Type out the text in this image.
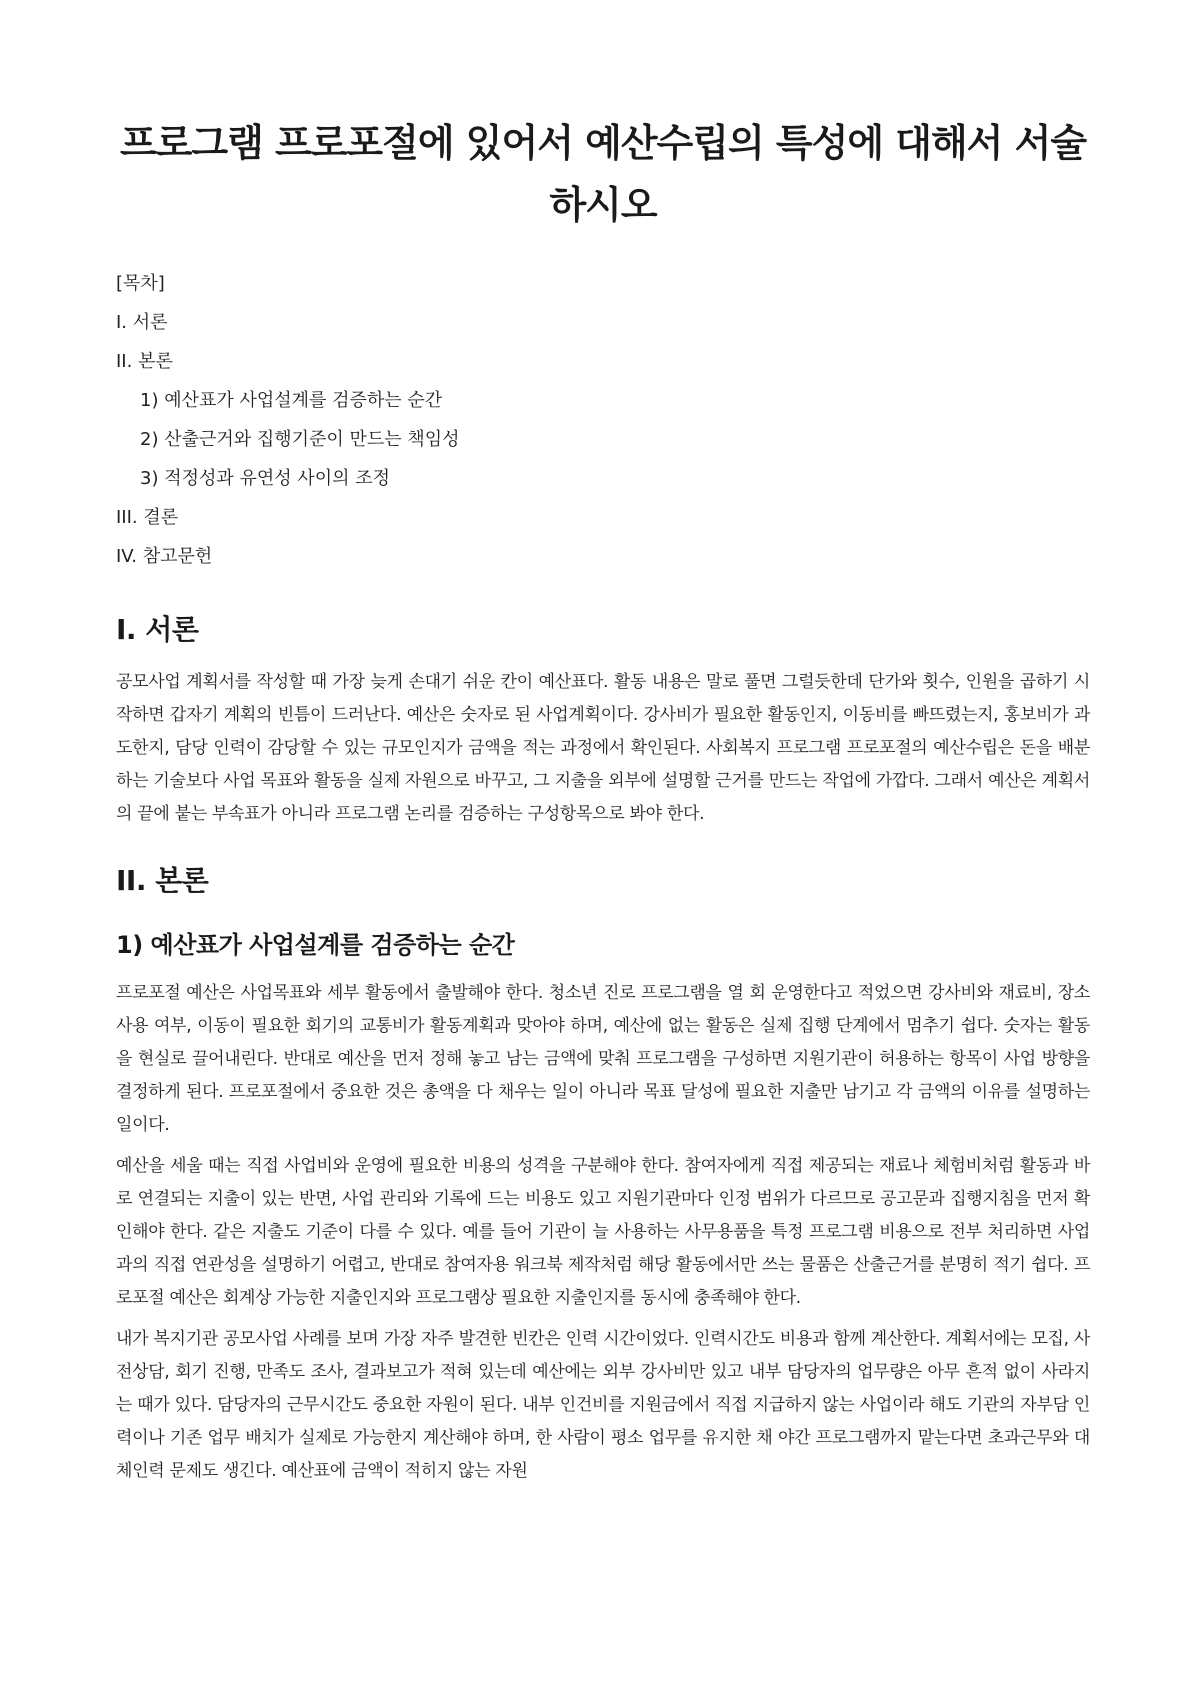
프로그램 프로포절에 있어서 예산수립의 특성에 대해서 서술하시오
[목차]
I. 서론
II. 본론
1) 예산표가 사업설계를 검증하는 순간
2) 산출근거와 집행기준이 만드는 책임성
3) 적정성과 유연성 사이의 조정
III. 결론
IV. 참고문헌
I. 서론

공모사업 계획서를 작성할 때 가장 늦게 손대기 쉬운 칸이 예산표다. 활동 내용은 말로 풀면 그럴듯한데 단가와 횟수, 인원을 곱하기 시작하면 갑자기 계획의 빈틈이 드러난다. 예산은 숫자로 된 사업계획이다. 강사비가 필요한 활동인지, 이동비를 빠뜨렸는지, 홍보비가 과도한지, 담당 인력이 감당할 수 있는 규모인지가 금액을 적는 과정에서 확인된다. 사회복지 프로그램 프로포절의 예산수립은 돈을 배분하는 기술보다 사업 목표와 활동을 실제 자원으로 바꾸고, 그 지출을 외부에 설명할 근거를 만드는 작업에 가깝다. 그래서 예산은 계획서의 끝에 붙는 부속표가 아니라 프로그램 논리를 검증하는 구성항목으로 봐야 한다.

II. 본론
1) 예산표가 사업설계를 검증하는 순간

프로포절 예산은 사업목표와 세부 활동에서 출발해야 한다. 청소년 진로 프로그램을 열 회 운영한다고 적었으면 강사비와 재료비, 장소 사용 여부, 이동이 필요한 회기의 교통비가 활동계획과 맞아야 하며, 예산에 없는 활동은 실제 집행 단계에서 멈추기 쉽다. 숫자는 활동을 현실로 끌어내린다. 반대로 예산을 먼저 정해 놓고 남는 금액에 맞춰 프로그램을 구성하면 지원기관이 허용하는 항목이 사업 방향을 결정하게 된다. 프로포절에서 중요한 것은 총액을 다 채우는 일이 아니라 목표 달성에 필요한 지출만 남기고 각 금액의 이유를 설명하는 일이다.

예산을 세울 때는 직접 사업비와 운영에 필요한 비용의 성격을 구분해야 한다. 참여자에게 직접 제공되는 재료나 체험비처럼 활동과 바로 연결되는 지출이 있는 반면, 사업 관리와 기록에 드는 비용도 있고 지원기관마다 인정 범위가 다르므로 공고문과 집행지침을 먼저 확인해야 한다. 같은 지출도 기준이 다를 수 있다. 예를 들어 기관이 늘 사용하는 사무용품을 특정 프로그램 비용으로 전부 처리하면 사업과의 직접 연관성을 설명하기 어렵고, 반대로 참여자용 워크북 제작처럼 해당 활동에서만 쓰는 물품은 산출근거를 분명히 적기 쉽다. 프로포절 예산은 회계상 가능한 지출인지와 프로그램상 필요한 지출인지를 동시에 충족해야 한다.

내가 복지기관 공모사업 사례를 보며 가장 자주 발견한 빈칸은 인력 시간이었다. 인력시간도 비용과 함께 계산한다. 계획서에는 모집, 사전상담, 회기 진행, 만족도 조사, 결과보고가 적혀 있는데 예산에는 외부 강사비만 있고 내부 담당자의 업무량은 아무 흔적 없이 사라지는 때가 있다. 담당자의 근무시간도 중요한 자원이 된다. 내부 인건비를 지원금에서 직접 지급하지 않는 사업이라 해도 기관의 자부담 인력이나 기존 업무 배치가 실제로 가능한지 계산해야 하며, 한 사람이 평소 업무를 유지한 채 야간 프로그램까지 맡는다면 초과근무와 대체인력 문제도 생긴다. 예산표에 금액이 적히지 않는 자원
